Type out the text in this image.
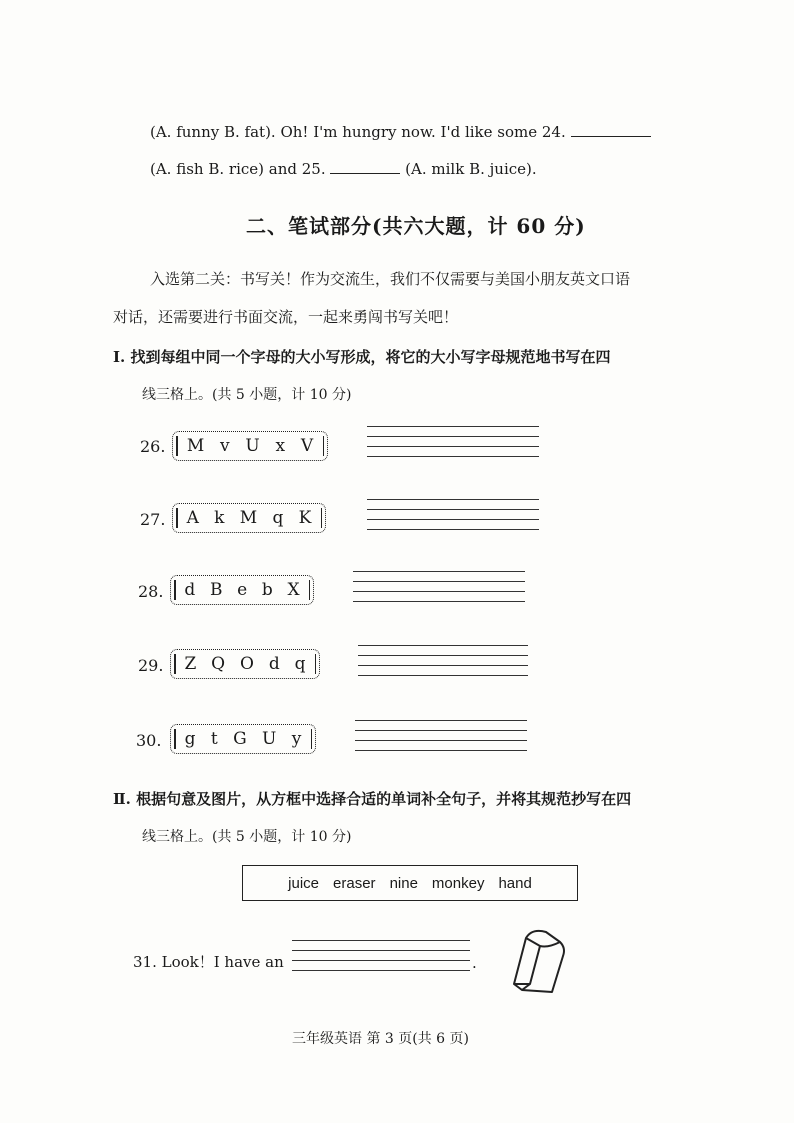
(A. funny B. fat). Oh! I'm hungry now. I'd like some 24.
(A. fish B. rice) and 25.	(A. milk B. juice).
二、笔试部分(共六大题，计 60 分)
入选第二关：书写关！作为交流生，我们不仅需要与美国小朋友英文口语
对话，还需要进行书面交流，一起来勇闯书写关吧！
Ⅰ. 找到每组中同一个字母的大小写形成，将它的大小写字母规范地书写在四
线三格上。(共 5 小题，计 10 分)
26. M v U x V
27. A k M q K
28. d B e b X
29. Z Q O d q
30. g t G U y
Ⅱ. 根据句意及图片，从方框中选择合适的单词补全句子，并将其规范抄写在四
线三格上。(共 5 小题，计 10 分)
juice eraser nine monkey hand
31. Look！I have an	.
三年级英语 第 3 页(共 6 页)
